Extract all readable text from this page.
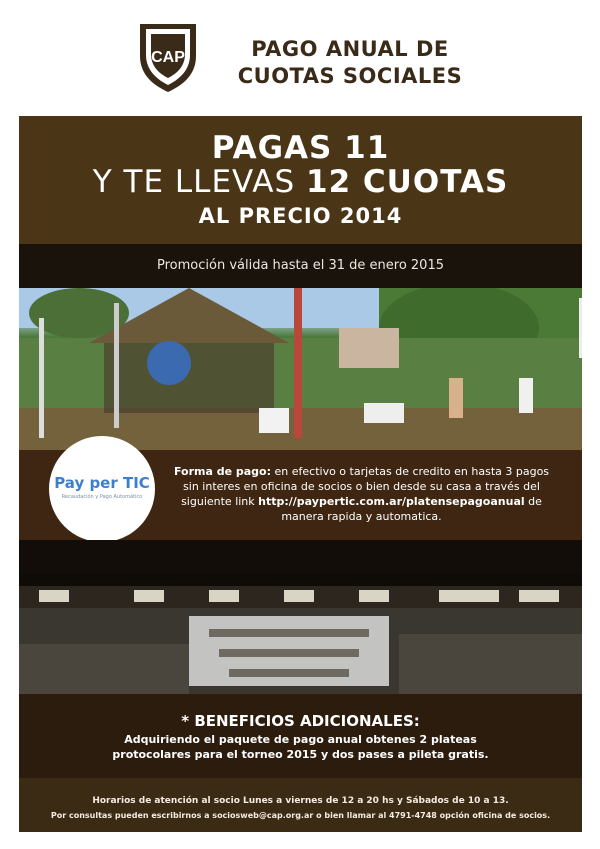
CAP	PAGO ANUAL DE
CUOTAS SOCIALES
PAGAS 11
Y TE LLEVAS 12 CUOTAS
AL PRECIO 2014
Promoción válida hasta el 31 de enero 2015
Forma de pago: en efectivo o tarjetas de credito en hasta 3 pagos sin interes en oficina de socios o bien desde su casa a través del siguiente link http://paypertic.com.ar/platensepagoanual de manera rapida y automatica.
Pay per TIC
Recaudación y Pago Automático
* BENEFICIOS ADICIONALES:
Adquiriendo el paquete de pago anual obtenes 2 plateas protocolares para el torneo 2015 y dos pases a pileta gratis.
Horarios de atención al socio Lunes a viernes de 12 a 20 hs y Sábados de 10 a 13.
Por consultas pueden escribirnos a sociosweb@cap.org.ar o bien llamar al 4791-4748 opción oficina de socios.
